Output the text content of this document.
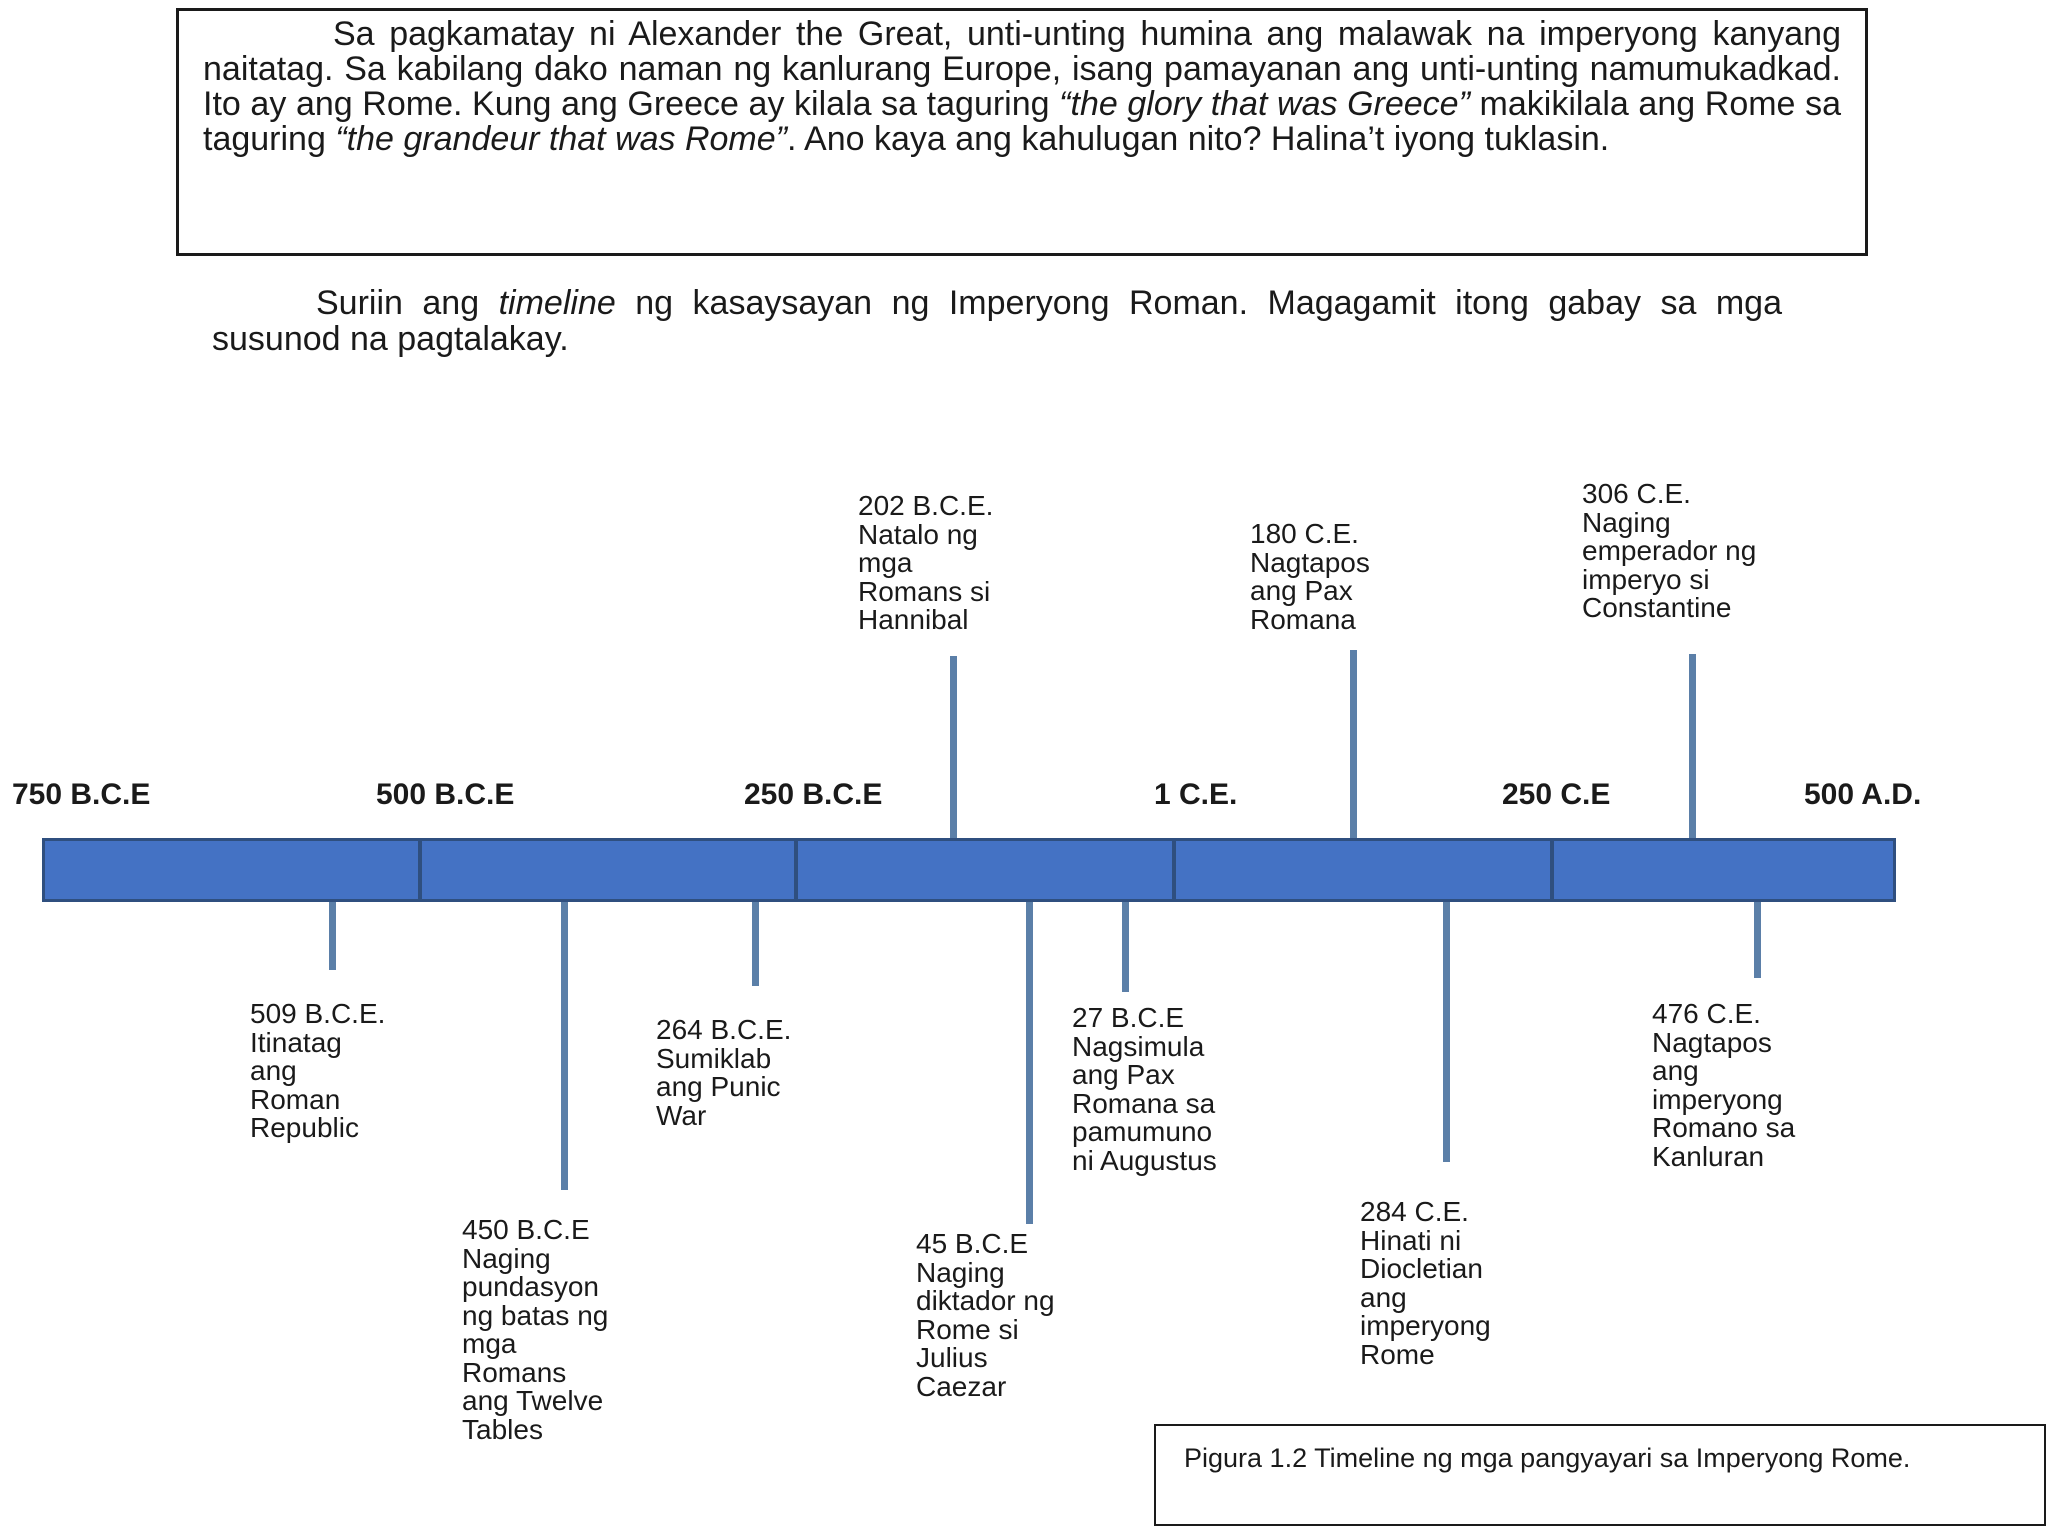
Sa pagkamatay ni Alexander the Great, unti-unting humina ang malawak na imperyong kanyang naitatag. Sa kabilang dako naman ng kanlurang Europe, isang pamayanan ang unti-unting namumukadkad. Ito ay ang Rome. Kung ang Greece ay kilala sa taguring “the glory that was Greece” makikilala ang Rome sa taguring “the grandeur that was Rome”. Ano kaya ang kahulugan nito? Halina’t iyong tuklasin.

Suriin ang timeline ng kasaysayan ng Imperyong Roman. Magagamit itong gabay sa mga susunod na pagtalakay.

750 B.C.E	500 B.C.E	250 B.C.E	1 C.E.	250 C.E	500 A.D.
202 B.C.E.
Natalo ng
mga
Romans si
Hannibal
180 C.E.
Nagtapos
ang Pax
Romana
306 C.E.
Naging
emperador ng
imperyo si
Constantine
509 B.C.E.
Itinatag
ang
Roman
Republic
450 B.C.E
Naging
pundasyon
ng batas ng
mga
Romans
ang Twelve
Tables
264 B.C.E.
Sumiklab
ang Punic
War
45 B.C.E
Naging
diktador ng
Rome si
Julius
Caezar
27 B.C.E
Nagsimula
ang Pax
Romana sa
pamumuno
ni Augustus
284 C.E.
Hinati ni
Diocletian
ang
imperyong
Rome
476 C.E.
Nagtapos
ang
imperyong
Romano sa
Kanluran
Pigura 1.2 Timeline ng mga pangyayari sa Imperyong Rome.
